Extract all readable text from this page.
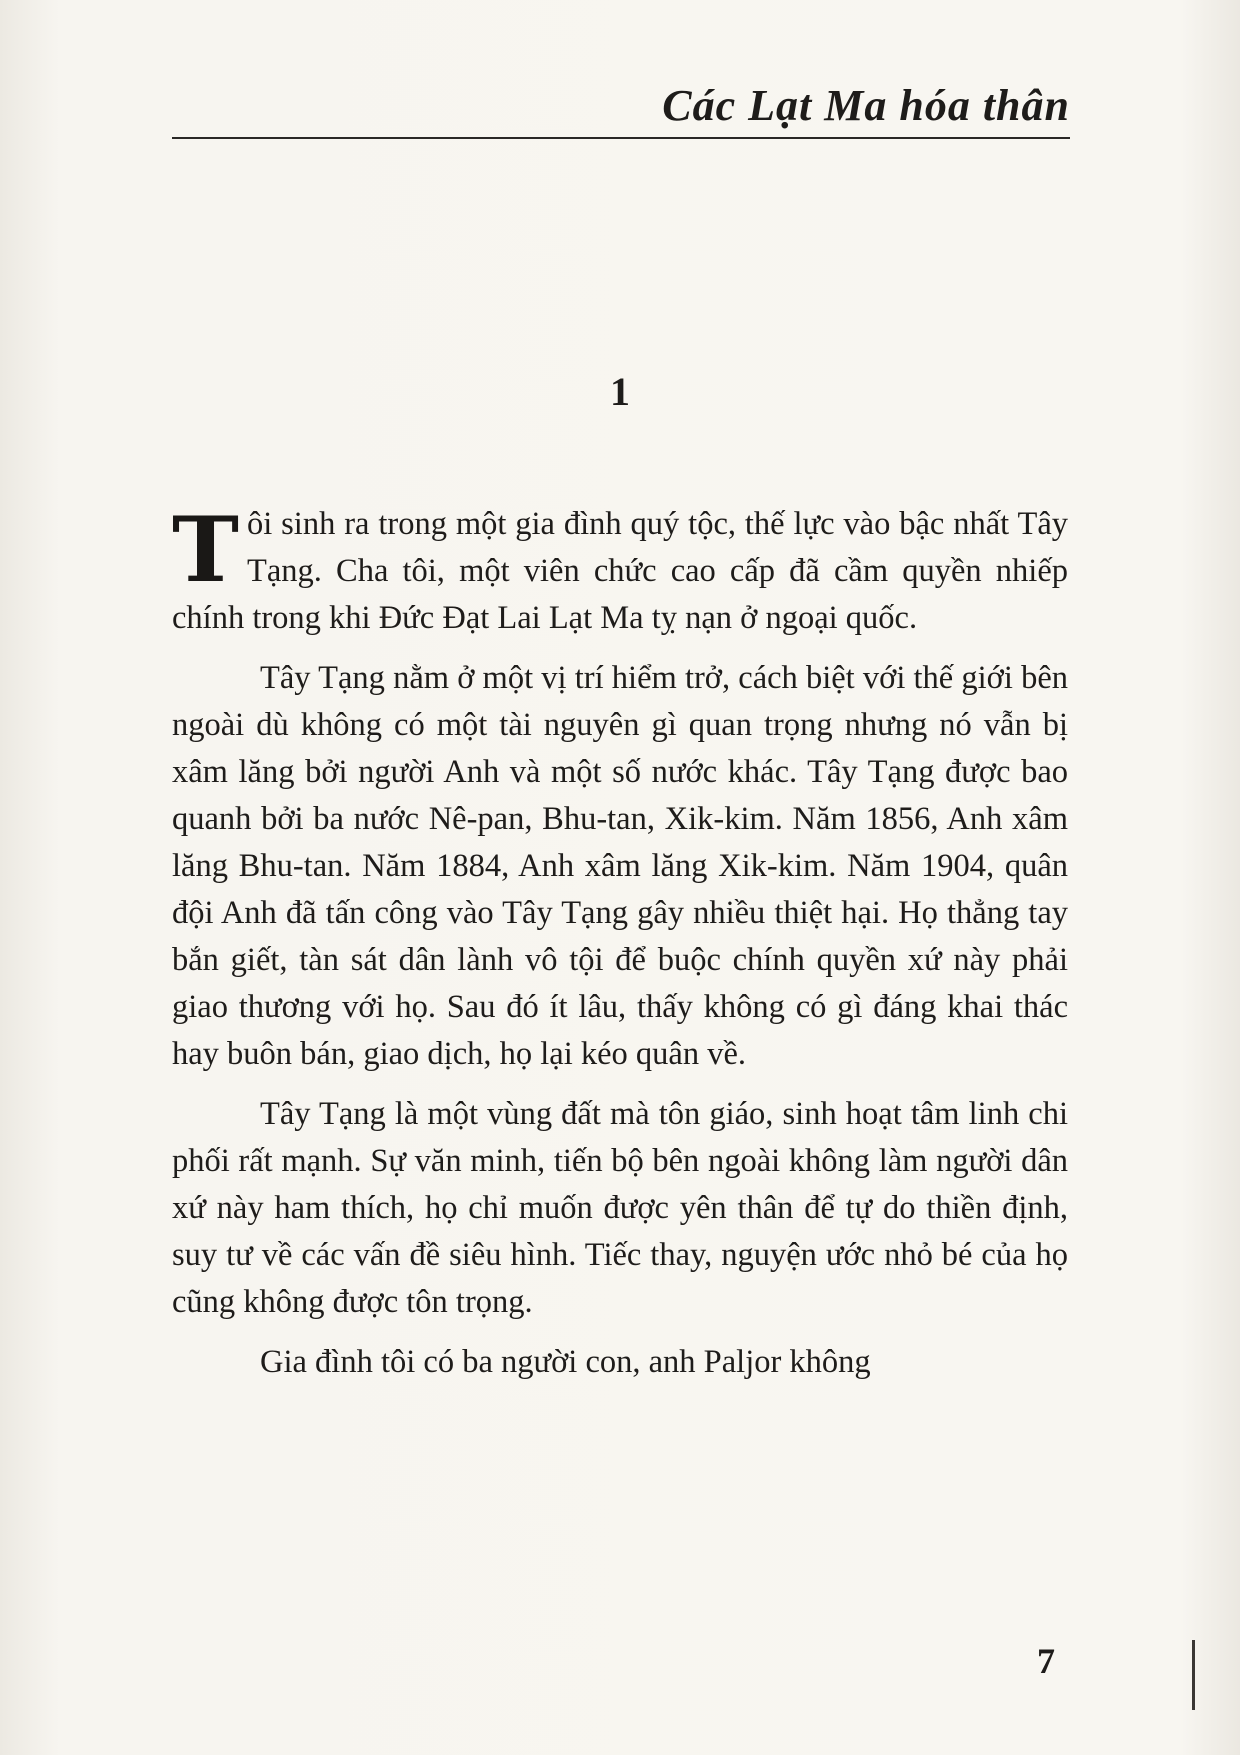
Các Lạt Ma hóa thân
1

Tôi sinh ra trong một gia đình quý tộc, thế lực vào bậc nhất Tây Tạng. Cha tôi, một viên chức cao cấp đã cầm quyền nhiếp chính trong khi Đức Đạt Lai Lạt Ma tỵ nạn ở ngoại quốc.

Tây Tạng nằm ở một vị trí hiểm trở, cách biệt với thế giới bên ngoài dù không có một tài nguyên gì quan trọng nhưng nó vẫn bị xâm lăng bởi người Anh và một số nước khác. Tây Tạng được bao quanh bởi ba nước Nê-pan, Bhu-tan, Xik-kim. Năm 1856, Anh xâm lăng Bhu-tan. Năm 1884, Anh xâm lăng Xik-kim. Năm 1904, quân đội Anh đã tấn công vào Tây Tạng gây nhiều thiệt hại. Họ thẳng tay bắn giết, tàn sát dân lành vô tội để buộc chính quyền xứ này phải giao thương với họ. Sau đó ít lâu, thấy không có gì đáng khai thác hay buôn bán, giao dịch, họ lại kéo quân về.

Tây Tạng là một vùng đất mà tôn giáo, sinh hoạt tâm linh chi phối rất mạnh. Sự văn minh, tiến bộ bên ngoài không làm người dân xứ này ham thích, họ chỉ muốn được yên thân để tự do thiền định, suy tư về các vấn đề siêu hình. Tiếc thay, nguyện ước nhỏ bé của họ cũng không được tôn trọng.

Gia đình tôi có ba người con, anh Paljor không

7
